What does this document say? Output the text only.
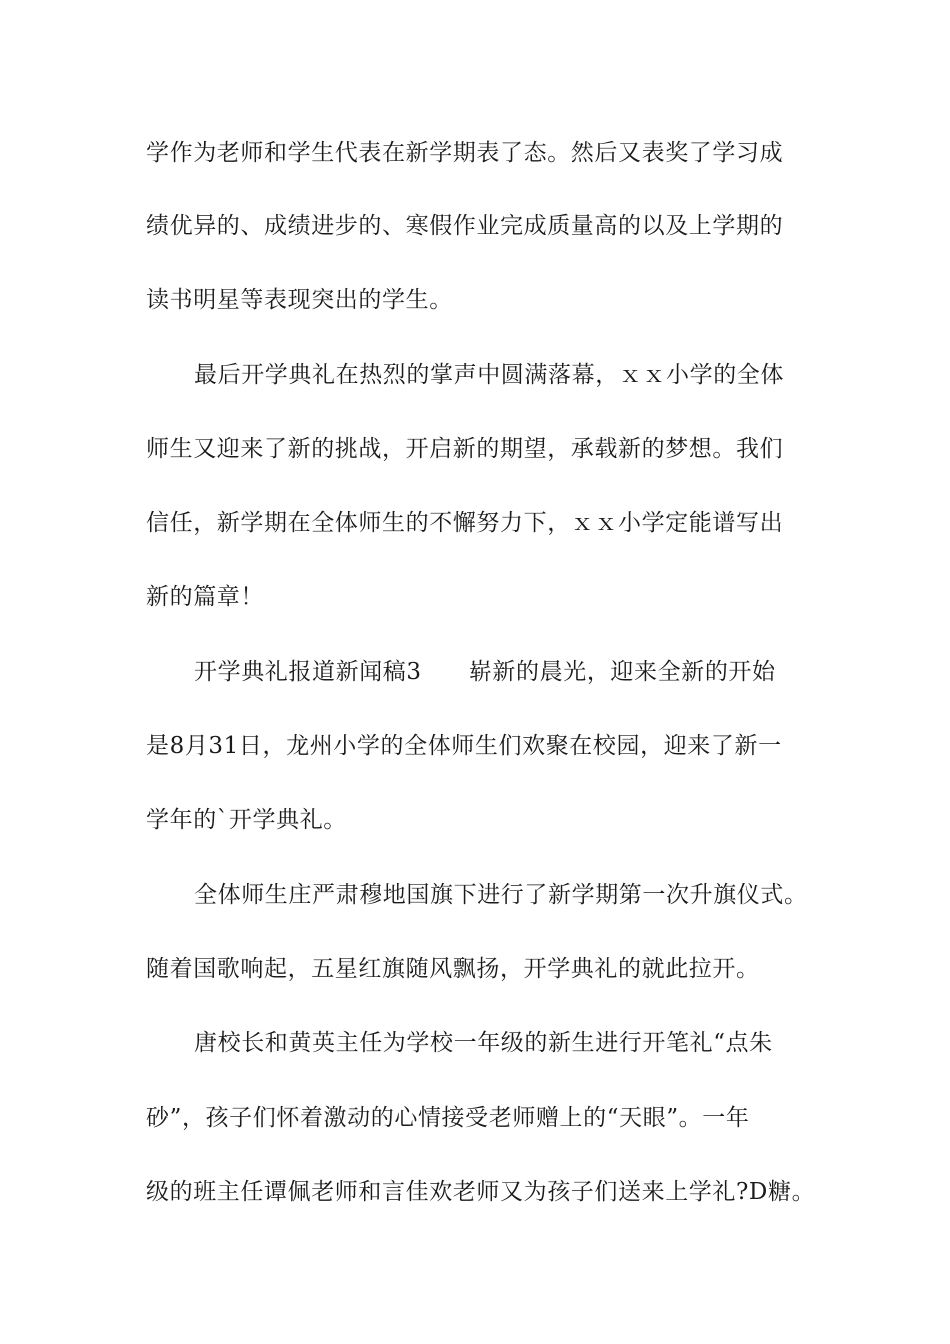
学作为老师和学生代表在新学期表了态。然后又表奖了学习成

绩优异的、成绩进步的、寒假作业完成质量高的以及上学期的

读书明星等表现突出的学生。

最后开学典礼在热烈的掌声中圆满落幕，ｘｘ小学的全体

师生又迎来了新的挑战，开启新的期望，承载新的梦想。我们

信任，新学期在全体师生的不懈努力下，ｘｘ小学定能谱写出

新的篇章！

开学典礼报道新闻稿3　　崭新的晨光，迎来全新的开始

是8月31日，龙州小学的全体师生们欢聚在校园，迎来了新一

学年的`开学典礼。

全体师生庄严肃穆地国旗下进行了新学期第一次升旗仪式。

随着国歌响起，五星红旗随风飘扬，开学典礼的就此拉开。

唐校长和黄英主任为学校一年级的新生进行开笔礼“点朱

砂”，孩子们怀着激动的心情接受老师赠上的“天眼”。一年

级的班主任谭佩老师和言佳欢老师又为孩子们送来上学礼?D糖。
